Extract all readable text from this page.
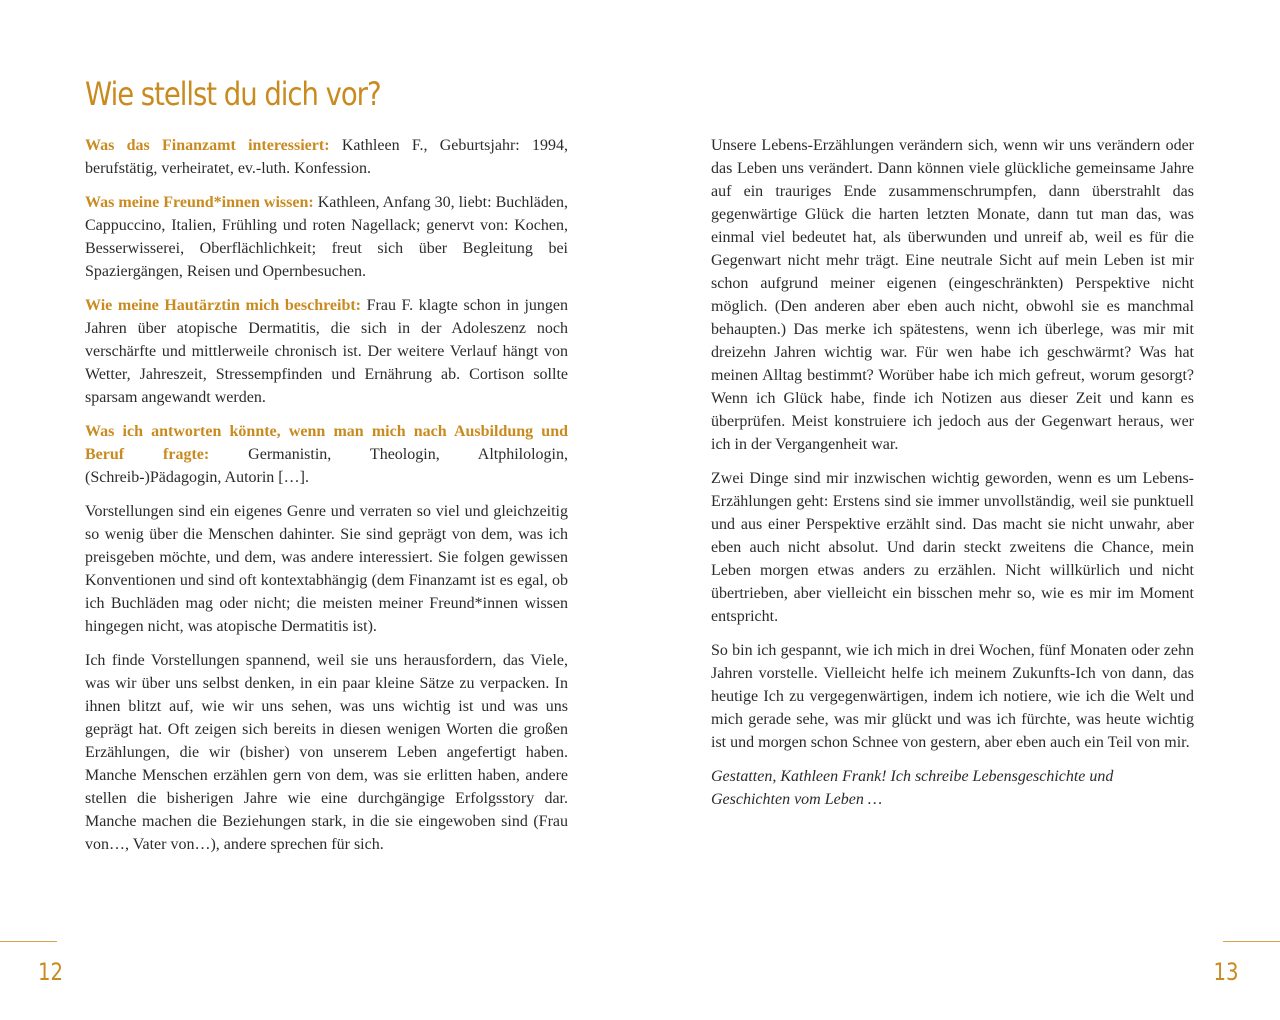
Wie stellst du dich vor?

Was das Finanzamt interessiert: Kathleen F., Geburtsjahr: 1994, berufstätig, verheiratet, ev.-luth. Konfession.

Was meine Freund*innen wissen: Kathleen, Anfang 30, liebt: Buchläden, Cappuccino, Italien, Frühling und roten Nagellack; genervt von: Kochen, Besserwisserei, Oberflächlichkeit; freut sich über Begleitung bei Spaziergängen, Reisen und Opernbesuchen.

Wie meine Hautärztin mich beschreibt: Frau F. klagte schon in jungen Jahren über atopische Dermatitis, die sich in der Adoleszenz noch verschärfte und mittlerweile chronisch ist. Der weitere Verlauf hängt von Wetter, Jahreszeit, Stressempfinden und Ernährung ab. Cortison sollte sparsam angewandt werden.

Was ich antworten könnte, wenn man mich nach Ausbildung und Beruf fragte: Germanistin, Theologin, Altphilologin, (Schreib-)Pädagogin, Autorin […].

Vorstellungen sind ein eigenes Genre und verraten so viel und gleichzeitig so wenig über die Menschen dahinter. Sie sind geprägt von dem, was ich preisgeben möchte, und dem, was andere interessiert. Sie folgen gewissen Konventionen und sind oft kontextabhängig (dem Finanzamt ist es egal, ob ich Buchläden mag oder nicht; die meisten meiner Freund*innen wissen hingegen nicht, was atopische Dermatitis ist).

Ich finde Vorstellungen spannend, weil sie uns herausfordern, das Viele, was wir über uns selbst denken, in ein paar kleine Sätze zu verpacken. In ihnen blitzt auf, wie wir uns sehen, was uns wichtig ist und was uns geprägt hat. Oft zeigen sich bereits in diesen wenigen Worten die großen Erzählungen, die wir (bisher) von unserem Leben angefertigt haben. Manche Menschen erzählen gern von dem, was sie erlitten haben, andere stellen die bisherigen Jahre wie eine durchgängige Erfolgsstory dar. Manche machen die Beziehungen stark, in die sie eingewoben sind (Frau von…, Vater von…), andere sprechen für sich.

Unsere Lebens-Erzählungen verändern sich, wenn wir uns verändern oder das Leben uns verändert. Dann können viele glückliche gemeinsame Jahre auf ein trauriges Ende zusammenschrumpfen, dann überstrahlt das gegenwärtige Glück die harten letzten Monate, dann tut man das, was einmal viel bedeutet hat, als überwunden und unreif ab, weil es für die Gegenwart nicht mehr trägt. Eine neutrale Sicht auf mein Leben ist mir schon aufgrund meiner eigenen (eingeschränkten) Perspektive nicht möglich. (Den anderen aber eben auch nicht, obwohl sie es manchmal behaupten.) Das merke ich spätestens, wenn ich überlege, was mir mit dreizehn Jahren wichtig war. Für wen habe ich geschwärmt? Was hat meinen Alltag bestimmt? Worüber habe ich mich gefreut, worum gesorgt? Wenn ich Glück habe, finde ich Notizen aus dieser Zeit und kann es überprüfen. Meist konstruiere ich jedoch aus der Gegenwart heraus, wer ich in der Vergangenheit war.

Zwei Dinge sind mir inzwischen wichtig geworden, wenn es um Lebens-Erzählungen geht: Erstens sind sie immer unvollständig, weil sie punktuell und aus einer Perspektive erzählt sind. Das macht sie nicht unwahr, aber eben auch nicht absolut. Und darin steckt zweitens die Chance, mein Leben morgen etwas anders zu erzählen. Nicht willkürlich und nicht übertrieben, aber vielleicht ein bisschen mehr so, wie es mir im Moment entspricht.

So bin ich gespannt, wie ich mich in drei Wochen, fünf Monaten oder zehn Jahren vorstelle. Vielleicht helfe ich meinem Zukunfts-Ich von dann, das heutige Ich zu vergegenwärtigen, indem ich notiere, wie ich die Welt und mich gerade sehe, was mir glückt und was ich fürchte, was heute wichtig ist und morgen schon Schnee von gestern, aber eben auch ein Teil von mir.

Gestatten, Kathleen Frank! Ich schreibe Lebensgeschichte und Geschichten vom Leben …

12	13
